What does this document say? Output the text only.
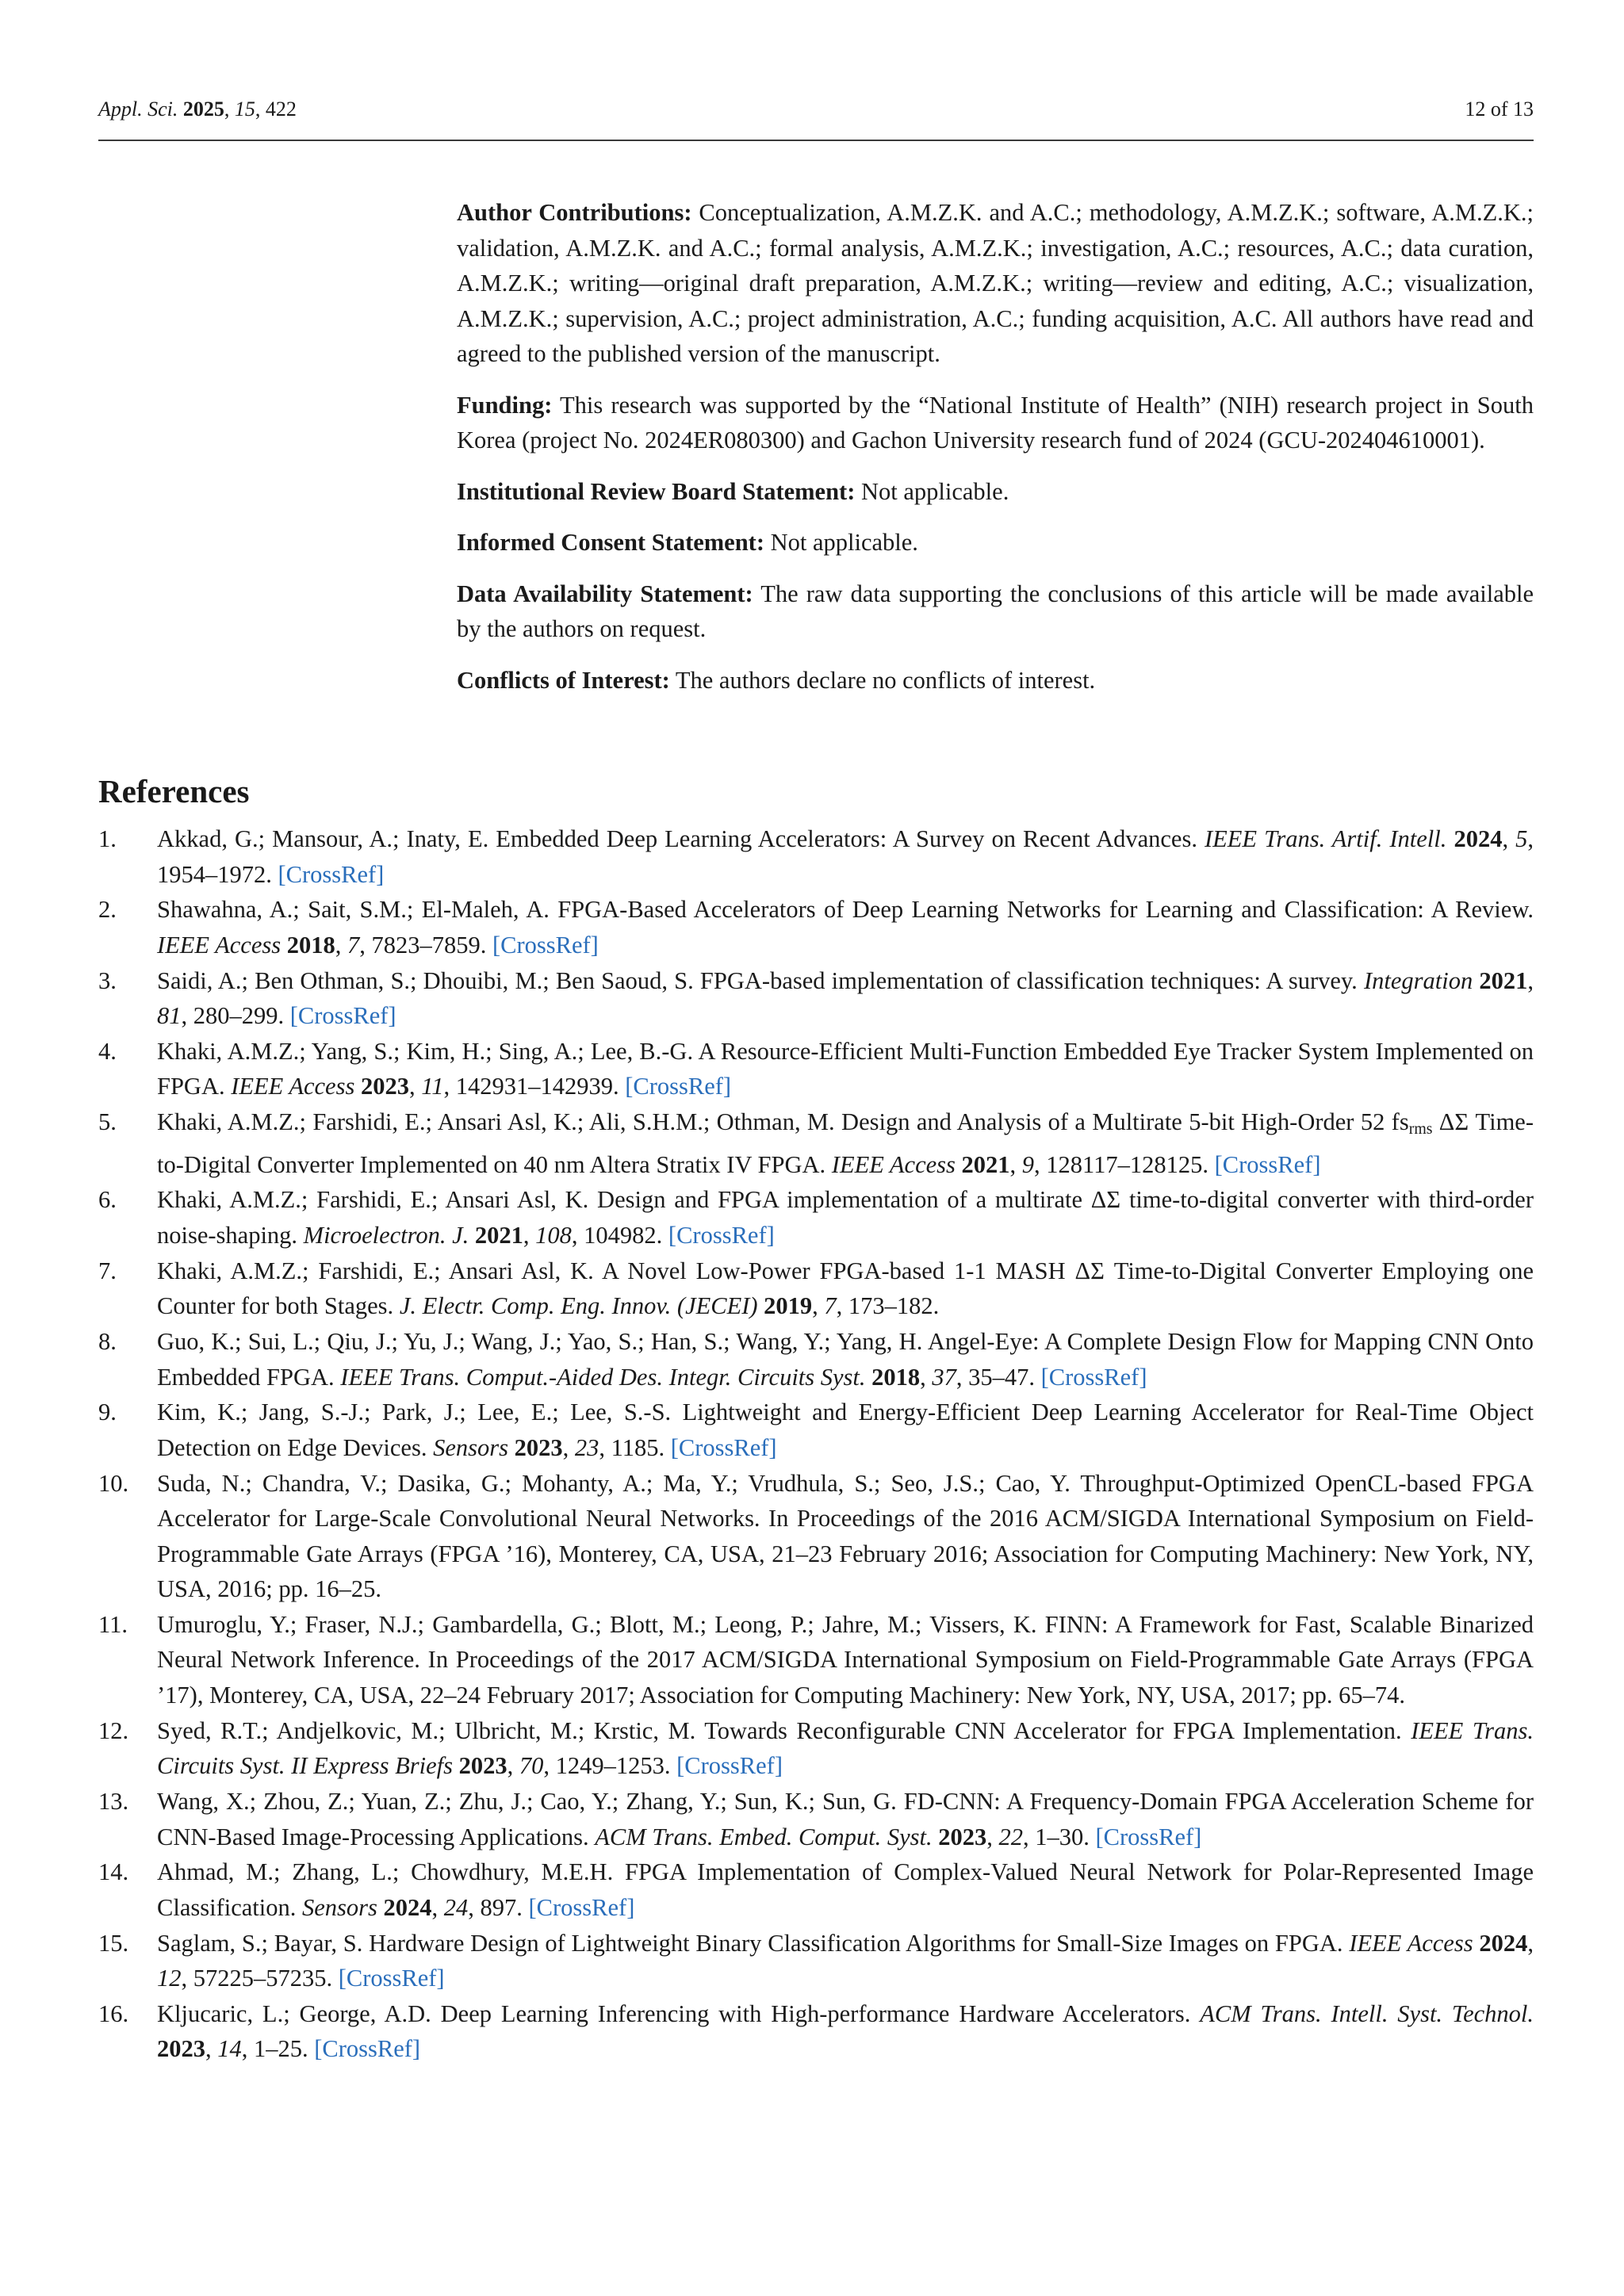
Appl. Sci. 2025, 15, 422	12 of 13

Author Contributions: Conceptualization, A.M.Z.K. and A.C.; methodology, A.M.Z.K.; software, A.M.Z.K.; validation, A.M.Z.K. and A.C.; formal analysis, A.M.Z.K.; investigation, A.C.; resources, A.C.; data curation, A.M.Z.K.; writing—original draft preparation, A.M.Z.K.; writing—review and editing, A.C.; visualization, A.M.Z.K.; supervision, A.C.; project administration, A.C.; funding acquisition, A.C. All authors have read and agreed to the published version of the manuscript.

Funding: This research was supported by the “National Institute of Health” (NIH) research project in South Korea (project No. 2024ER080300) and Gachon University research fund of 2024 (GCU-202404610001).

Institutional Review Board Statement: Not applicable.

Informed Consent Statement: Not applicable.

Data Availability Statement: The raw data supporting the conclusions of this article will be made available by the authors on request.

Conflicts of Interest: The authors declare no conflicts of interest.

References
1. Akkad, G.; Mansour, A.; Inaty, E. Embedded Deep Learning Accelerators: A Survey on Recent Advances. IEEE Trans. Artif. Intell. 2024, 5, 1954–1972. [CrossRef]
2. Shawahna, A.; Sait, S.M.; El-Maleh, A. FPGA-Based Accelerators of Deep Learning Networks for Learning and Classification: A Review. IEEE Access 2018, 7, 7823–7859. [CrossRef]
3. Saidi, A.; Ben Othman, S.; Dhouibi, M.; Ben Saoud, S. FPGA-based implementation of classification techniques: A survey. Integration 2021, 81, 280–299. [CrossRef]
4. Khaki, A.M.Z.; Yang, S.; Kim, H.; Sing, A.; Lee, B.-G. A Resource-Efficient Multi-Function Embedded Eye Tracker System Implemented on FPGA. IEEE Access 2023, 11, 142931–142939. [CrossRef]
5. Khaki, A.M.Z.; Farshidi, E.; Ansari Asl, K.; Ali, S.H.M.; Othman, M. Design and Analysis of a Multirate 5-bit High-Order 52 $fs_{rms}$ ΔΣ Time-to-Digital Converter Implemented on 40 nm Altera Stratix IV FPGA. IEEE Access 2021, 9, 128117–128125. [CrossRef]
6. Khaki, A.M.Z.; Farshidi, E.; Ansari Asl, K. Design and FPGA implementation of a multirate ΔΣ time-to-digital converter with third-order noise-shaping. Microelectron. J. 2021, 108, 104982. [CrossRef]
7. Khaki, A.M.Z.; Farshidi, E.; Ansari Asl, K. A Novel Low-Power FPGA-based 1-1 MASH ΔΣ Time-to-Digital Converter Employing one Counter for both Stages. J. Electr. Comp. Eng. Innov. (JECEI) 2019, 7, 173–182.
8. Guo, K.; Sui, L.; Qiu, J.; Yu, J.; Wang, J.; Yao, S.; Han, S.; Wang, Y.; Yang, H. Angel-Eye: A Complete Design Flow for Mapping CNN Onto Embedded FPGA. IEEE Trans. Comput.-Aided Des. Integr. Circuits Syst. 2018, 37, 35–47. [CrossRef]
9. Kim, K.; Jang, S.-J.; Park, J.; Lee, E.; Lee, S.-S. Lightweight and Energy-Efficient Deep Learning Accelerator for Real-Time Object Detection on Edge Devices. Sensors 2023, 23, 1185. [CrossRef]
10. Suda, N.; Chandra, V.; Dasika, G.; Mohanty, A.; Ma, Y.; Vrudhula, S.; Seo, J.S.; Cao, Y. Throughput-Optimized OpenCL-based FPGA Accelerator for Large-Scale Convolutional Neural Networks. In Proceedings of the 2016 ACM/SIGDA International Symposium on Field-Programmable Gate Arrays (FPGA ’16), Monterey, CA, USA, 21–23 February 2016; Association for Computing Machinery: New York, NY, USA, 2016; pp. 16–25.
11. Umuroglu, Y.; Fraser, N.J.; Gambardella, G.; Blott, M.; Leong, P.; Jahre, M.; Vissers, K. FINN: A Framework for Fast, Scalable Binarized Neural Network Inference. In Proceedings of the 2017 ACM/SIGDA International Symposium on Field-Programmable Gate Arrays (FPGA ’17), Monterey, CA, USA, 22–24 February 2017; Association for Computing Machinery: New York, NY, USA, 2017; pp. 65–74.
12. Syed, R.T.; Andjelkovic, M.; Ulbricht, M.; Krstic, M. Towards Reconfigurable CNN Accelerator for FPGA Implementation. IEEE Trans. Circuits Syst. II Express Briefs 2023, 70, 1249–1253. [CrossRef]
13. Wang, X.; Zhou, Z.; Yuan, Z.; Zhu, J.; Cao, Y.; Zhang, Y.; Sun, K.; Sun, G. FD-CNN: A Frequency-Domain FPGA Acceleration Scheme for CNN-Based Image-Processing Applications. ACM Trans. Embed. Comput. Syst. 2023, 22, 1–30. [CrossRef]
14. Ahmad, M.; Zhang, L.; Chowdhury, M.E.H. FPGA Implementation of Complex-Valued Neural Network for Polar-Represented Image Classification. Sensors 2024, 24, 897. [CrossRef]
15. Saglam, S.; Bayar, S. Hardware Design of Lightweight Binary Classification Algorithms for Small-Size Images on FPGA. IEEE Access 2024, 12, 57225–57235. [CrossRef]
16. Kljucaric, L.; George, A.D. Deep Learning Inferencing with High-performance Hardware Accelerators. ACM Trans. Intell. Syst. Technol. 2023, 14, 1–25. [CrossRef]
